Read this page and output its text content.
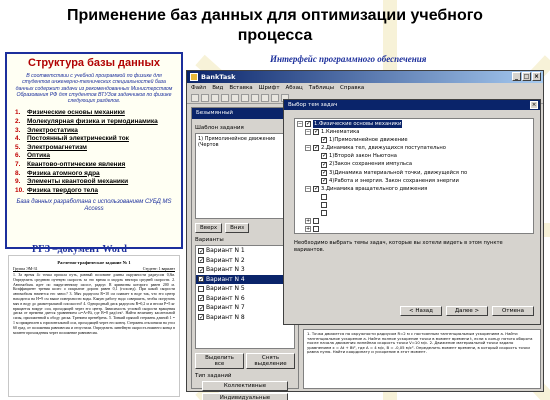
Применение баз данных для оптимизации учебного
процесса
Структура базы данных
В соответствии с учебной программой по физике для студентов инженерно-технических специальностей база данных содержит задачи из рекомендованных Министерством Образования РФ для студентов ВТУЗов задачников по физике следующих разделов.
1.	Физические основы механики
2.	Молекулярная физика и термодинамика
3.	Электростатика
4.	Постоянный электрический ток
5.	Электромагнетизм
6.	Оптика
7.	Квантово-оптические явления
8.	Физика атомного ядра
9.	Элементы квантовой механики
10. Физика твердого тела
База данных разработана с использованием СУБД MS Access
РГЗ –документ Word
Расчетно-графическое задание № 1
Группа ЭМ-31	Студент: 1 вариант
1. За время 4с точка прошла путь, равный половине длины окружности радиусом 0,8м. Определить среднюю путевую скорость за это время и модуль вектора средней скорости. 2. Автомобиль идет по закругленному шоссе, радиус R кривизны которого равен 200 м. Коэффициент трения колес о покрытие дороги равен 0,1 (гололед). При какой скорости автомобиля начнется его занос? 3. Мяч радиусом R=10 см плавает в воде так, что его центр находится на Н=9 см выше поверхности воды. Какую работу надо совершить, чтобы погрузить мяч в воду до диаметральной плоскости? 4. Однородный диск радиусом R=0,2 м и весом Р=5 кг вращается вокруг оси, проходящей через его центр. Зависимость угловой скорости вращения диска от времени дается уравнением ω=A+Bt, где B=8 рад/сек². Найти величину касательной силы, приложенной к ободу диска. Трением пренебречь. 5. Тонкий прямой стержень длиной 1 = 1 м прикреплен к горизонтальной оси, проходящей через его конец. Стержень отклонили на угол 60 град. от положения равновесия и отпустили. Определить линейную скорость нижнего конца в момент прохождения через положение равновесия.
Интерфейс программного обеспечения
BankTask	_ □ ×
Файл Вид Вставка Шрифт Абзац Таблицы Справка
Безымянный
Шаблон задания
1) Прямолинейное движение (Чертов
Вверх	Вниз
Варианты
✓
Вариант N 1
✓
Вариант N 2
✓
Вариант N 3
✓
Вариант N 4
Вариант N 5
✓
Вариант N 6
✓
Вариант N 7
✓
Вариант N 8
Выделить все
Снять выделение
Тип заданий
Коллективные
Индивидуальные
Выбор тем задач	×
− ✓ 1.Физические основы механики
− ✓ 1.Кинематика
✓
1)Прямолинейное движение
− ✓ 2.Динамика тел, движущихся поступательно
✓
1)Второй закон Ньютона
✓
2)Закон сохранения импульса
✓
3)Динамика материальной точки, движущейся по
✓
4)Работа и энергия. Закон сохранения энергии
− ✓ 3.Динамика вращательного движения
+
+
Необходимо выбрать темы задач, которые вы хотели видеть в этом пункте вариантов.
< Назад	Далее >	Отмена
1. Точка движется по окружности радиусом R=2 м с постоянным тангенциальным ускорением а. Найти тангенциальное ускорение а. Найти полное ускорение точки в момент времени t, если к концу пятого оборота после начала движения линейная скорость точки V=10 м/с. 2. Движение материальной точки задано уравнением x = At + Bt², где A = 4 м/с, B = -0,05 м/с². Определить момент времени, в который скорость точки равна нулю. Найти координату и ускорение в этот момент.
